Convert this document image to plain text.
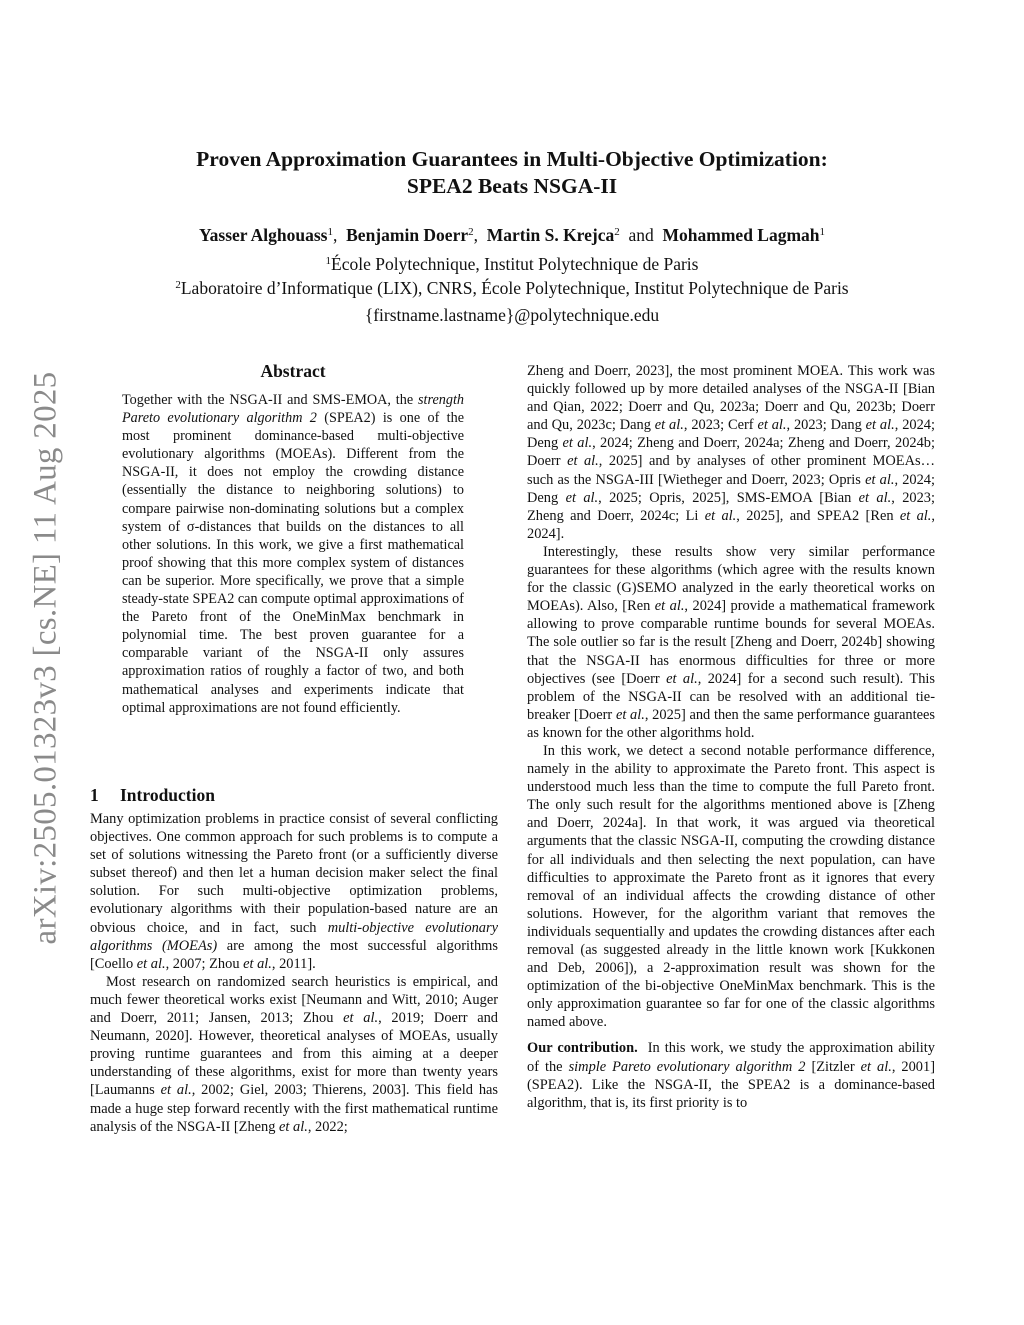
arXiv:2505.01323v3 [cs.NE] 11 Aug 2025
Proven Approximation Guarantees in Multi-Objective Optimization:
SPEA2 Beats NSGA-II
Yasser Alghouass$^1$, Benjamin Doerr$^2$, Martin S. Krejca$^2$ and Mohammed Lagmah$^1$
$^1$École Polytechnique, Institut Polytechnique de Paris
$^2$Laboratoire d’Informatique (LIX), CNRS, École Polytechnique, Institut Polytechnique de Paris
{firstname.lastname}@polytechnique.edu
Abstract

Together with the NSGA-II and SMS-EMOA, the strength Pareto evolutionary algorithm 2 (SPEA2) is one of the most prominent dominance-based multi-objective evolutionary algorithms (MOEAs). Different from the NSGA-II, it does not employ the crowding distance (essentially the distance to neighboring solutions) to compare pairwise non-dominating solutions but a complex system of σ-distances that builds on the distances to all other solutions. In this work, we give a first mathematical proof showing that this more complex system of distances can be superior. More specifically, we prove that a simple steady-state SPEA2 can compute optimal approximations of the Pareto front of the OneMinMax benchmark in polynomial time. The best proven guarantee for a comparable variant of the NSGA-II only assures approximation ratios of roughly a factor of two, and both mathematical analyses and experiments indicate that optimal approximations are not found efficiently.

1 Introduction

Many optimization problems in practice consist of several conflicting objectives. One common approach for such problems is to compute a set of solutions witnessing the Pareto front (or a sufficiently diverse subset thereof) and then let a human decision maker select the final solution. For such multi-objective optimization problems, evolutionary algorithms with their population-based nature are an obvious choice, and in fact, such multi-objective evolutionary algorithms (MOEAs) are among the most successful algorithms [Coello et al., 2007; Zhou et al., 2011].

Most research on randomized search heuristics is empirical, and much fewer theoretical works exist [Neumann and Witt, 2010; Auger and Doerr, 2011; Jansen, 2013; Zhou et al., 2019; Doerr and Neumann, 2020]. However, theoretical analyses of MOEAs, usually proving runtime guarantees and from this aiming at a deeper understanding of these algorithms, exist for more than twenty years [Laumanns et al., 2002; Giel, 2003; Thierens, 2003]. This field has made a huge step forward recently with the first mathematical runtime analysis of the NSGA-II [Zheng et al., 2022;

Zheng and Doerr, 2023], the most prominent MOEA. This work was quickly followed up by more detailed analyses of the NSGA-II [Bian and Qian, 2022; Doerr and Qu, 2023a; Doerr and Qu, 2023b; Doerr and Qu, 2023c; Dang et al., 2023; Cerf et al., 2023; Dang et al., 2024; Deng et al., 2024; Zheng and Doerr, 2024a; Zheng and Doerr, 2024b; Doerr et al., 2025] and by analyses of other prominent MOEAs… such as the NSGA-III [Wietheger and Doerr, 2023; Opris et al., 2024; Deng et al., 2025; Opris, 2025], SMS-EMOA [Bian et al., 2023; Zheng and Doerr, 2024c; Li et al., 2025], and SPEA2 [Ren et al., 2024].

Interestingly, these results show very similar performance guarantees for these algorithms (which agree with the results known for the classic (G)SEMO analyzed in the early theoretical works on MOEAs). Also, [Ren et al., 2024] provide a mathematical framework allowing to prove comparable runtime bounds for several MOEAs. The sole outlier so far is the result [Zheng and Doerr, 2024b] showing that the NSGA-II has enormous difficulties for three or more objectives (see [Doerr et al., 2024] for a second such result). This problem of the NSGA-II can be resolved with an additional tie-breaker [Doerr et al., 2025] and then the same performance guarantees as known for the other algorithms hold.

In this work, we detect a second notable performance difference, namely in the ability to approximate the Pareto front. This aspect is understood much less than the time to compute the full Pareto front. The only such result for the algorithms mentioned above is [Zheng and Doerr, 2024a]. In that work, it was argued via theoretical arguments that the classic NSGA-II, computing the crowding distance for all individuals and then selecting the next population, can have difficulties to approximate the Pareto front as it ignores that every removal of an individual affects the crowding distance of other solutions. However, for the algorithm variant that removes the individuals sequentially and updates the crowding distances after each removal (as suggested already in the little known work [Kukkonen and Deb, 2006]), a 2-approximation result was shown for the optimization of the bi-objective OneMinMax benchmark. This is the only approximation guarantee so far for one of the classic algorithms named above.

Our contribution. In this work, we study the approximation ability of the simple Pareto evolutionary algorithm 2 [Zitzler et al., 2001] (SPEA2). Like the NSGA-II, the SPEA2 is a dominance-based algorithm, that is, its first priority is to
